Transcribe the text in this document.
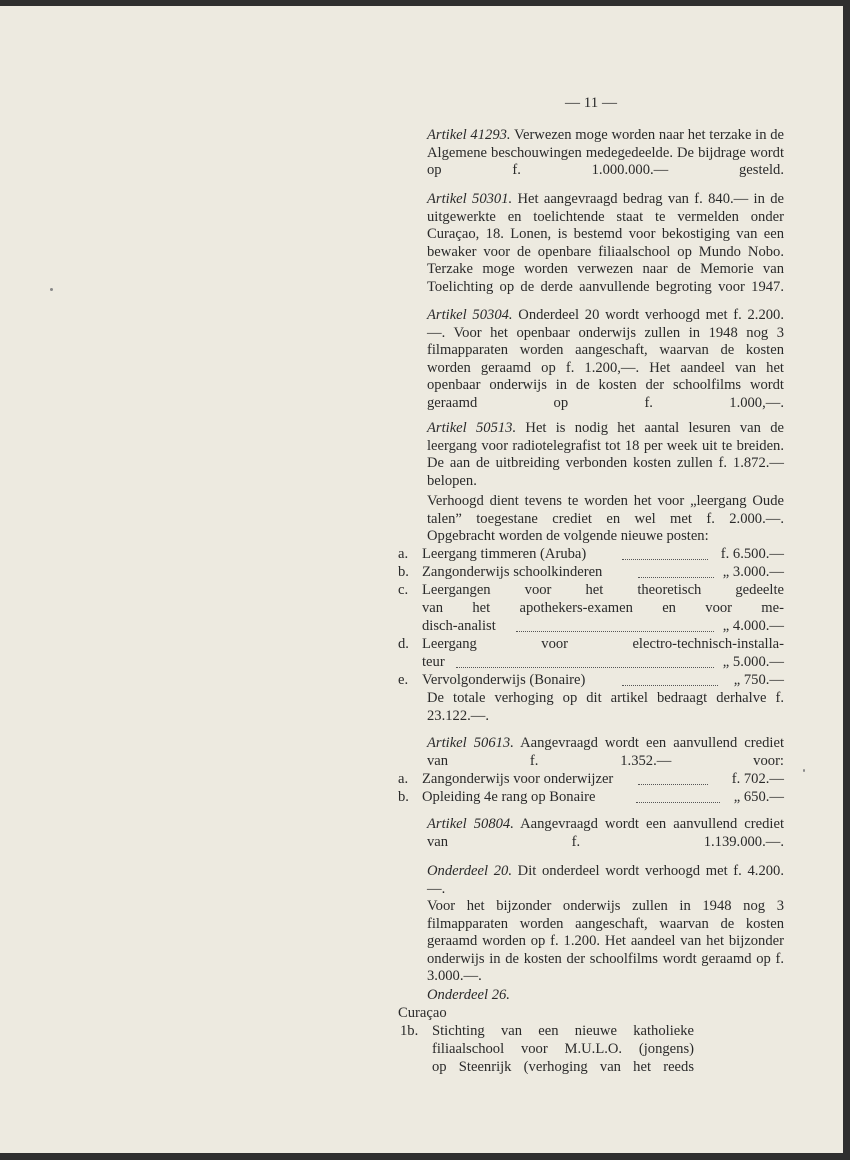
— 11 —
Artikel 41293. Verwezen moge worden naar het terzake in de Algemene beschouwingen medegedeelde. De bijdrage wordt op f. 1.000.000.— gesteld.
Artikel 50301. Het aangevraagd bedrag van f. 840.— in de uitgewerkte en toelichtende staat te vermelden onder Curaçao, 18. Lonen, is bestemd voor bekostiging van een bewaker voor de openbare filiaalschool op Mundo Nobo. Terzake moge worden verwezen naar de Memorie van Toelichting op de derde aanvullende begroting voor 1947.
Artikel 50304. Onderdeel 20 wordt verhoogd met f. 2.200.—. Voor het openbaar onderwijs zullen in 1948 nog 3 filmapparaten worden aangeschaft, waarvan de kosten worden geraamd op f. 1.200,—. Het aandeel van het openbaar onderwijs in de kosten der schoolfilms wordt geraamd op f. 1.000,—.
Artikel 50513. Het is nodig het aantal lesuren van de leergang voor radiotelegrafist tot 18 per week uit te breiden. De aan de uitbreiding verbonden kosten zullen f. 1.872.— belopen.
Verhoogd dient tevens te worden het voor „leergang Oude talen” toegestane crediet en wel met f. 2.000.—.
Opgebracht worden de volgende nieuwe posten:
a. Leergang timmeren (Aruba)	f. 6.500.—
b. Zangonderwijs schoolkinderen	„ 3.000.—
c. Leergangen voor het theoretisch gedeelte
van het apothekers-examen en voor me-
disch-analist	„ 4.000.—
d. Leergang voor electro-technisch-installa-
teur	„ 5.000.—
e. Vervolgonderwijs (Bonaire)	„ 750.—
De totale verhoging op dit artikel bedraagt derhalve f. 23.122.—.
Artikel 50613. Aangevraagd wordt een aanvullend crediet van f. 1.352.— voor:
a. Zangonderwijs voor onderwijzer	f. 702.—
b. Opleiding 4e rang op Bonaire	„ 650.—
Artikel 50804. Aangevraagd wordt een aanvullend crediet van f. 1.139.000.—.
Onderdeel 20. Dit onderdeel wordt verhoogd met f. 4.200.—.
Voor het bijzonder onderwijs zullen in 1948 nog 3 filmapparaten worden aangeschaft, waarvan de kosten geraamd worden op f. 1.200. Het aandeel van het bijzonder onderwijs in de kosten der schoolfilms wordt geraamd op f. 3.000.—.
Onderdeel 26.
Curaçao
1b. Stichting van een nieuwe katholieke
filiaalschool voor M.U.L.O. (jongens)
op Steenrijk (verhoging van het reeds
